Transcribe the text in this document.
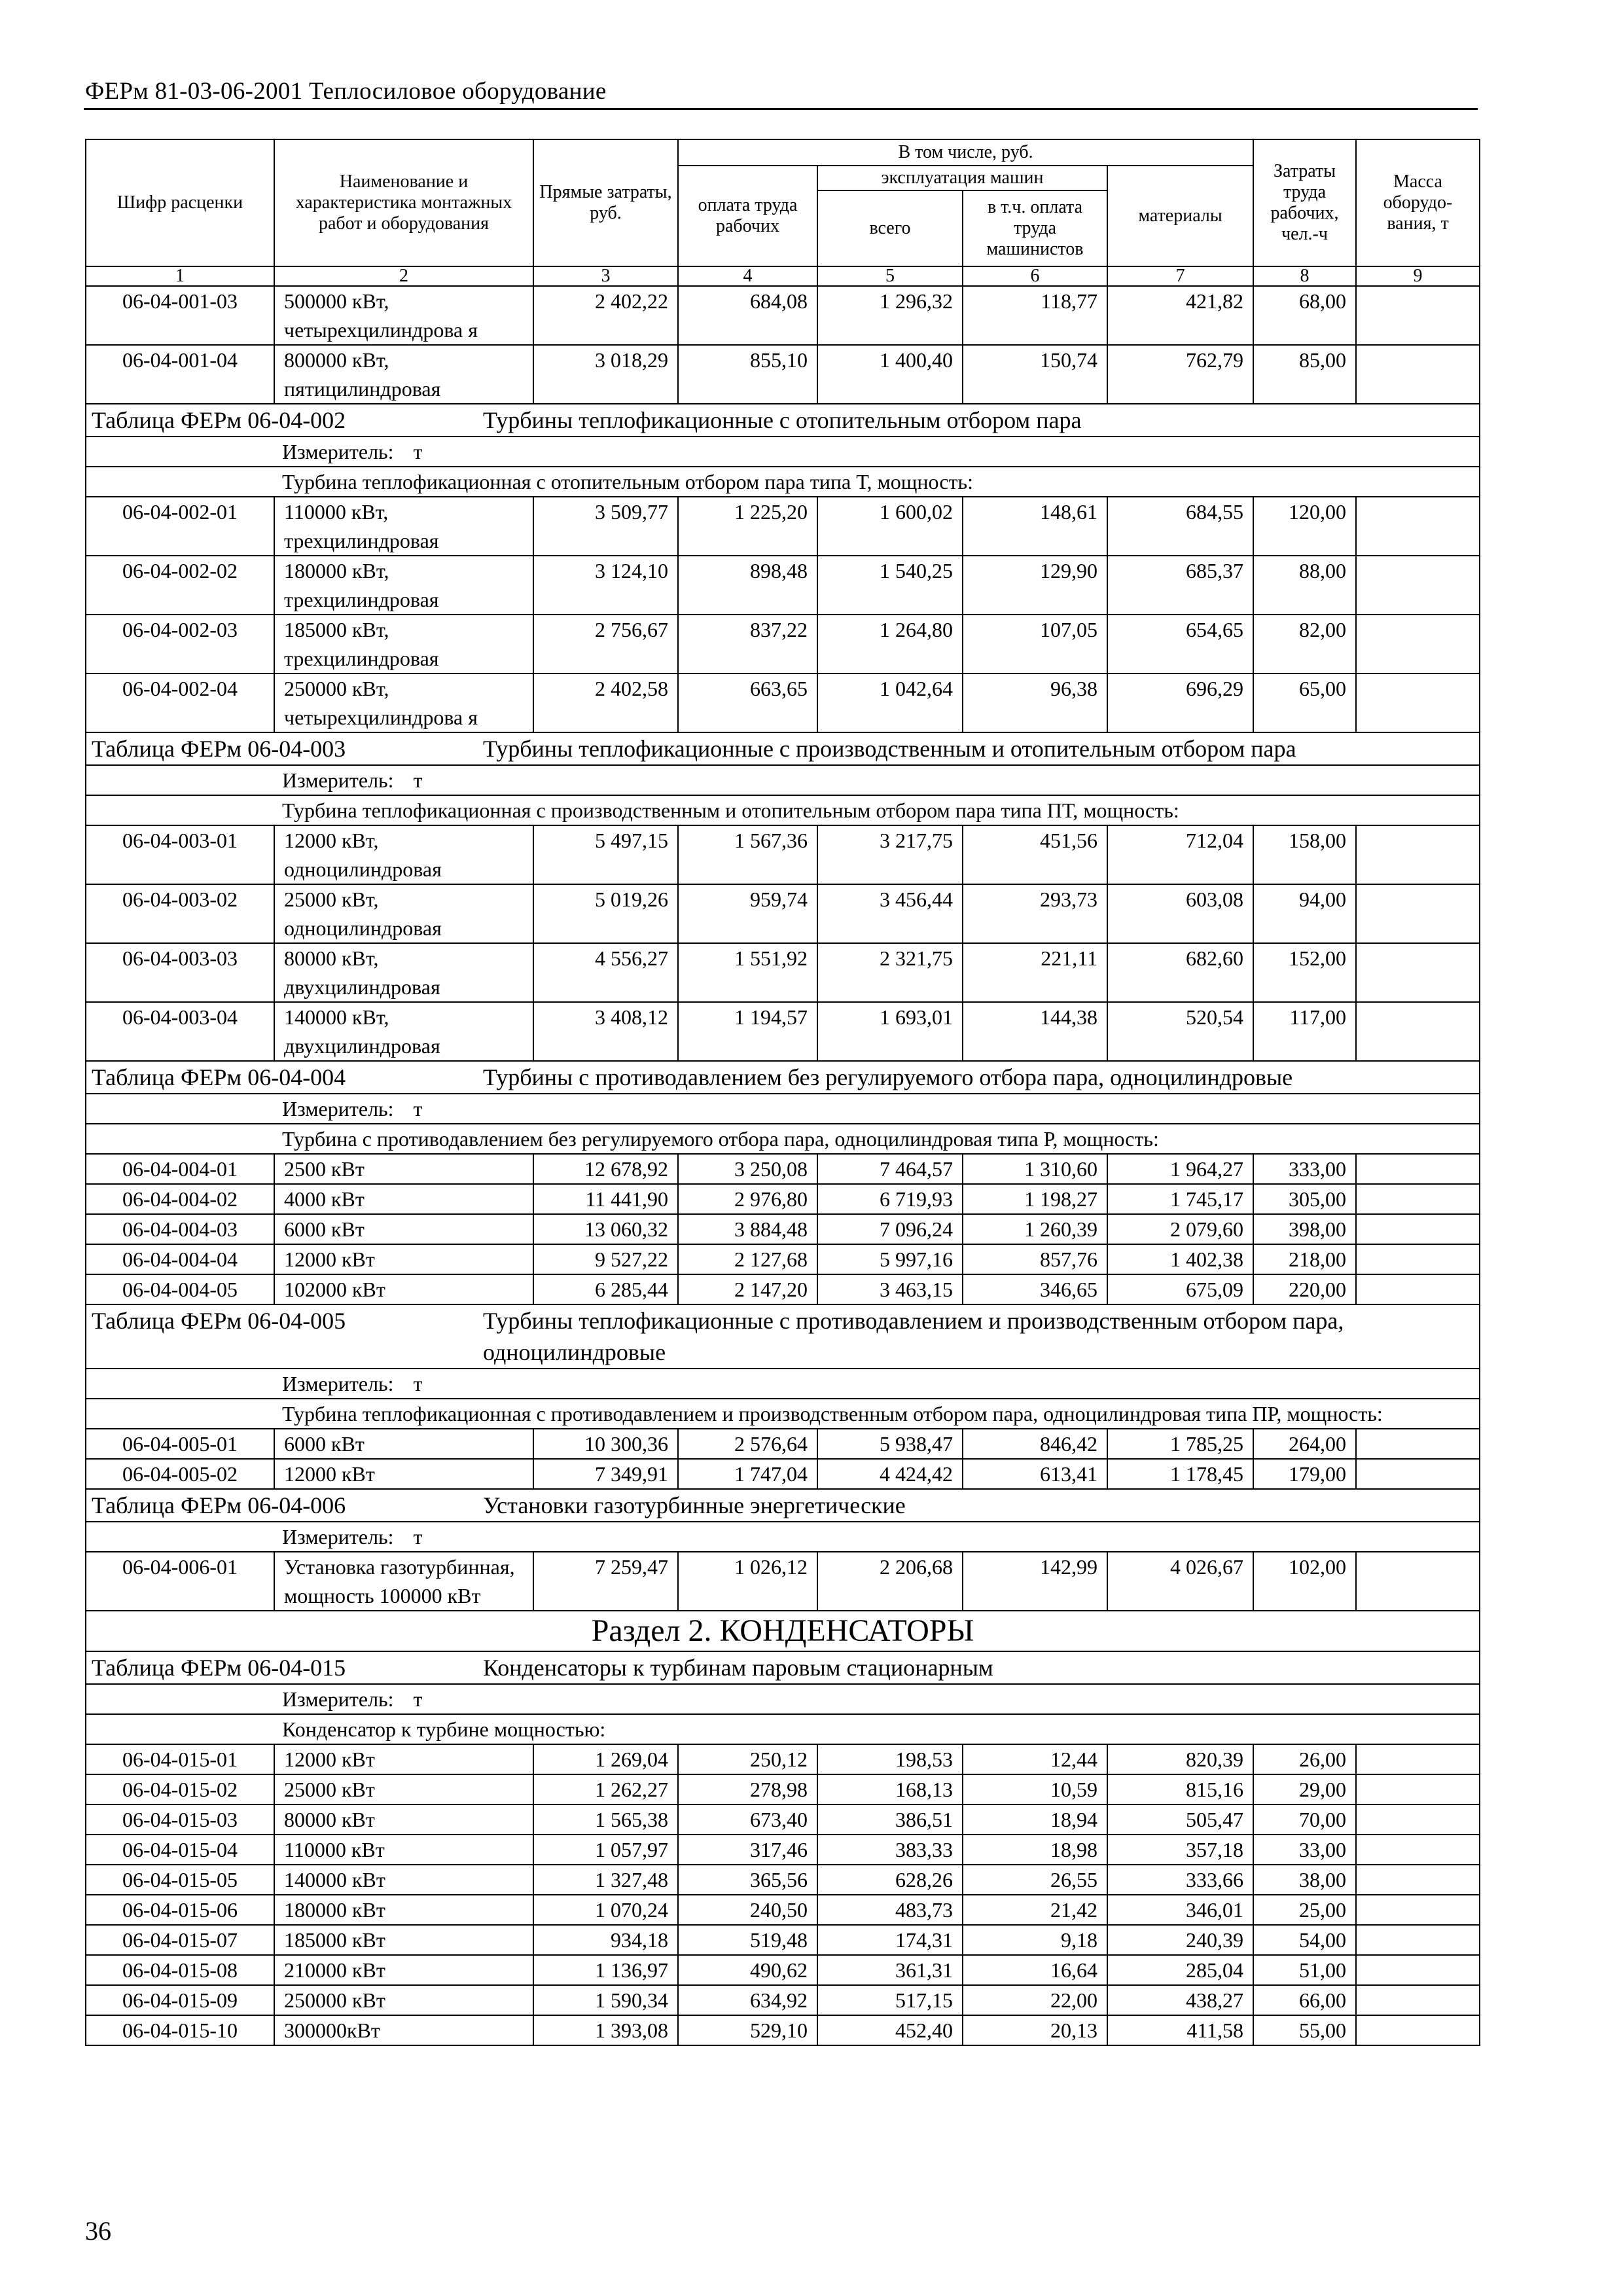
ФЕРм 81-03-06-2001 Теплосиловое оборудование
Шифр расценки	Наименование и характеристика монтажных работ и оборудования	Прямые затраты, руб.	В том числе, руб.				Затраты труда рабочих, чел.-ч	Масса оборудо-вания, т
			оплата труда рабочих	эксплуатация машин		материалы		
				всего	в т.ч. оплата труда машинистов			
1	2	3	4	5	6	7	8	9
06-04-001-03	500000 кВт, четырехцилиндрова я	2 402,22	684,08	1 296,32	118,77	421,82	68,00	
06-04-001-04	800000 кВт, пятицилиндровая	3 018,29	855,10	1 400,40	150,74	762,79	85,00	

Таблица ФЕРм 06-04-002 Турбины теплофикационные с отопительным отбором пара								

Измеритель: т								

Турбина теплофикационная с отопительным отбором пара типа Т, мощность:								

06-04-002-01	110000 кВт, трехцилиндровая	3 509,77	1 225,20	1 600,02	148,61	684,55	120,00	
06-04-002-02	180000 кВт, трехцилиндровая	3 124,10	898,48	1 540,25	129,90	685,37	88,00	
06-04-002-03	185000 кВт, трехцилиндровая	2 756,67	837,22	1 264,80	107,05	654,65	82,00	
06-04-002-04	250000 кВт, четырехцилиндрова я	2 402,58	663,65	1 042,64	96,38	696,29	65,00	

Таблица ФЕРм 06-04-003 Турбины теплофикационные с производственным и отопительным отбором пара								

Измеритель: т								

Турбина теплофикационная с производственным и отопительным отбором пара типа ПТ, мощность:								

06-04-003-01	12000 кВт, одноцилиндровая	5 497,15	1 567,36	3 217,75	451,56	712,04	158,00	
06-04-003-02	25000 кВт, одноцилиндровая	5 019,26	959,74	3 456,44	293,73	603,08	94,00	
06-04-003-03	80000 кВт, двухцилиндровая	4 556,27	1 551,92	2 321,75	221,11	682,60	152,00	
06-04-003-04	140000 кВт, двухцилиндровая	3 408,12	1 194,57	1 693,01	144,38	520,54	117,00	

Таблица ФЕРм 06-04-004 Турбины с противодавлением без регулируемого отбора пара, одноцилиндровые								

Измеритель: т								

Турбина с противодавлением без регулируемого отбора пара, одноцилиндровая типа Р, мощность:								

06-04-004-01	2500 кВт	12 678,92	3 250,08	7 464,57	1 310,60	1 964,27	333,00	
06-04-004-02	4000 кВт	11 441,90	2 976,80	6 719,93	1 198,27	1 745,17	305,00	
06-04-004-03	6000 кВт	13 060,32	3 884,48	7 096,24	1 260,39	2 079,60	398,00	
06-04-004-04	12000 кВт	9 527,22	2 127,68	5 997,16	857,76	1 402,38	218,00	
06-04-004-05	102000 кВт	6 285,44	2 147,20	3 463,15	346,65	675,09	220,00	

Таблица ФЕРм 06-04-005 Турбины теплофикационные с противодавлением и производственным отбором пара, одноцилиндровые								

Измеритель: т								

Турбина теплофикационная с противодавлением и производственным отбором пара, одноцилиндровая типа ПР, мощность:								

06-04-005-01	6000 кВт	10 300,36	2 576,64	5 938,47	846,42	1 785,25	264,00	
06-04-005-02	12000 кВт	7 349,91	1 747,04	4 424,42	613,41	1 178,45	179,00	

Таблица ФЕРм 06-04-006 Установки газотурбинные энергетические								

Измеритель: т								
06-04-006-01	Установка газотурбинная, мощность 100000 кВт	7 259,47	1 026,12	2 206,68	142,99	4 026,67	102,00	
Раздел 2. КОНДЕНСАТОРЫ								

Таблица ФЕРм 06-04-015 Конденсаторы к турбинам паровым стационарным								

Измеритель: т								

Конденсатор к турбине мощностью:								

06-04-015-01	12000 кВт	1 269,04	250,12	198,53	12,44	820,39	26,00	
06-04-015-02	25000 кВт	1 262,27	278,98	168,13	10,59	815,16	29,00	
06-04-015-03	80000 кВт	1 565,38	673,40	386,51	18,94	505,47	70,00	
06-04-015-04	110000 кВт	1 057,97	317,46	383,33	18,98	357,18	33,00	
06-04-015-05	140000 кВт	1 327,48	365,56	628,26	26,55	333,66	38,00	
06-04-015-06	180000 кВт	1 070,24	240,50	483,73	21,42	346,01	25,00	
06-04-015-07	185000 кВт	934,18	519,48	174,31	9,18	240,39	54,00	
06-04-015-08	210000 кВт	1 136,97	490,62	361,31	16,64	285,04	51,00	
06-04-015-09	250000 кВт	1 590,34	634,92	517,15	22,00	438,27	66,00	
06-04-015-10	300000кВт	1 393,08	529,10	452,40	20,13	411,58	55,00	
36
